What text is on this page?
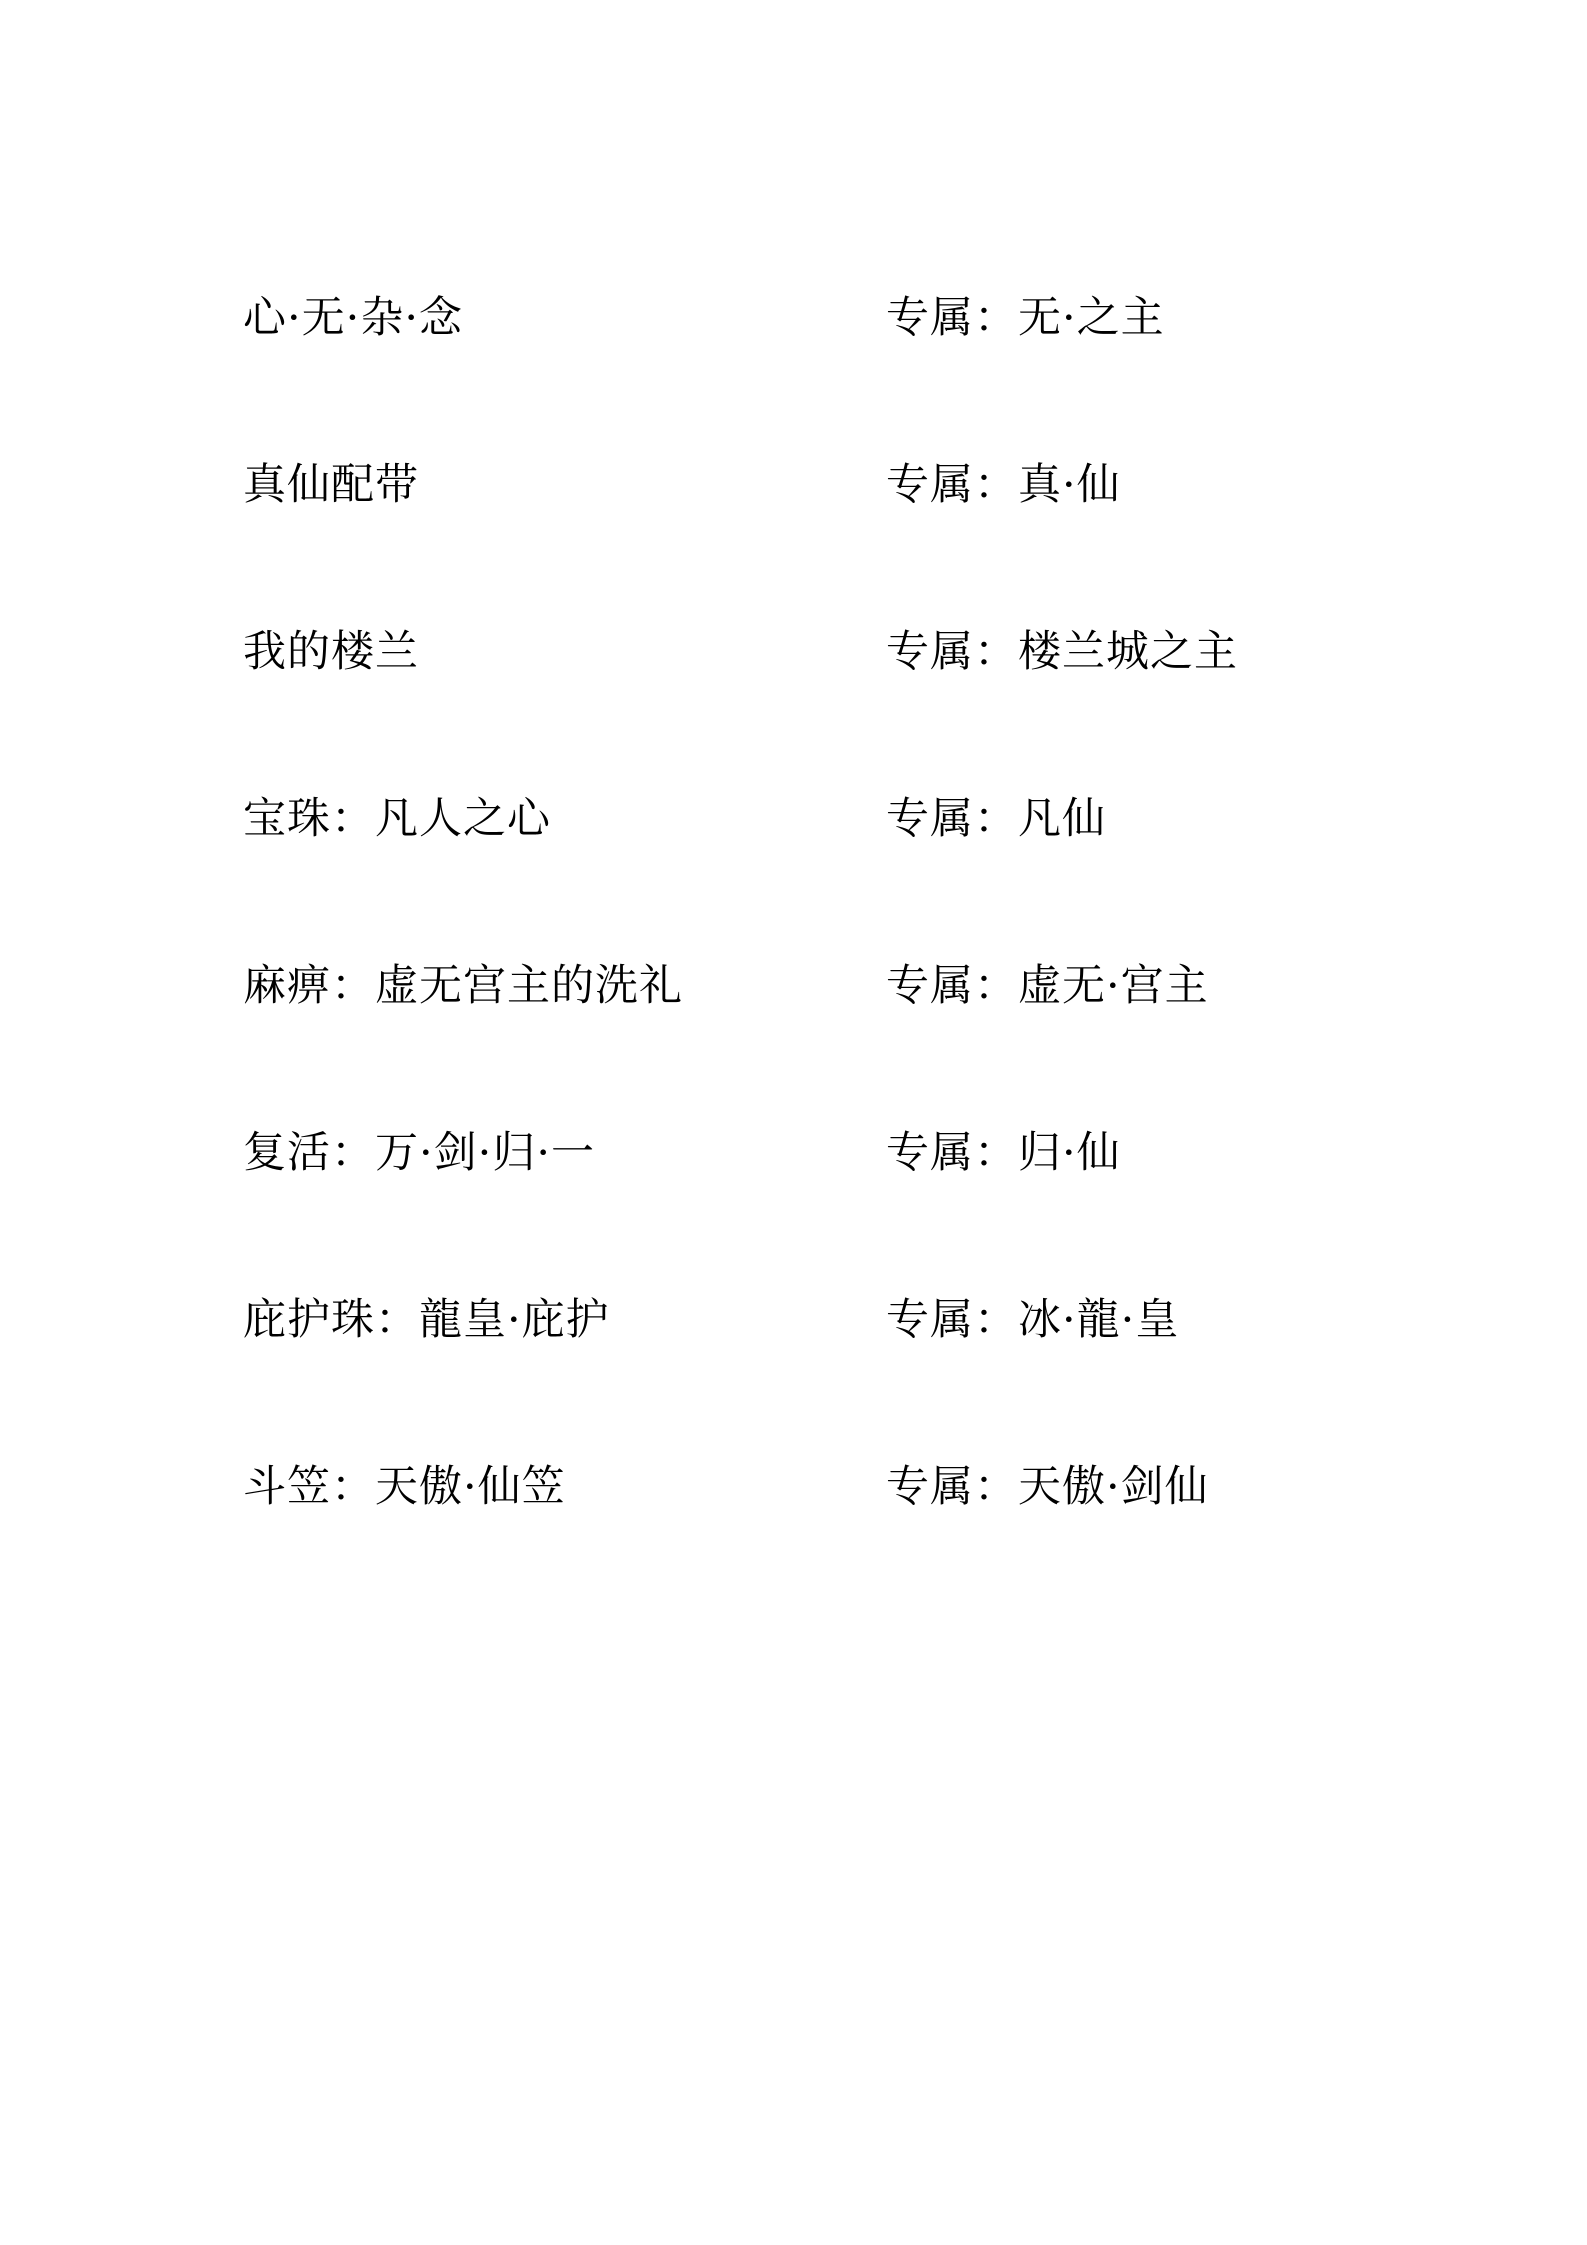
心·无·杂·念	专属：无·之主
真仙配带	专属：真·仙
我的楼兰	专属：楼兰城之主
宝珠：凡人之心	专属：凡仙
麻痹：虚无宫主的洗礼	专属：虚无·宫主
复活：万·剑·归·一	专属：归·仙
庇护珠：龍皇·庇护	专属：冰·龍·皇
斗笠：天傲·仙笠	专属：天傲·剑仙
